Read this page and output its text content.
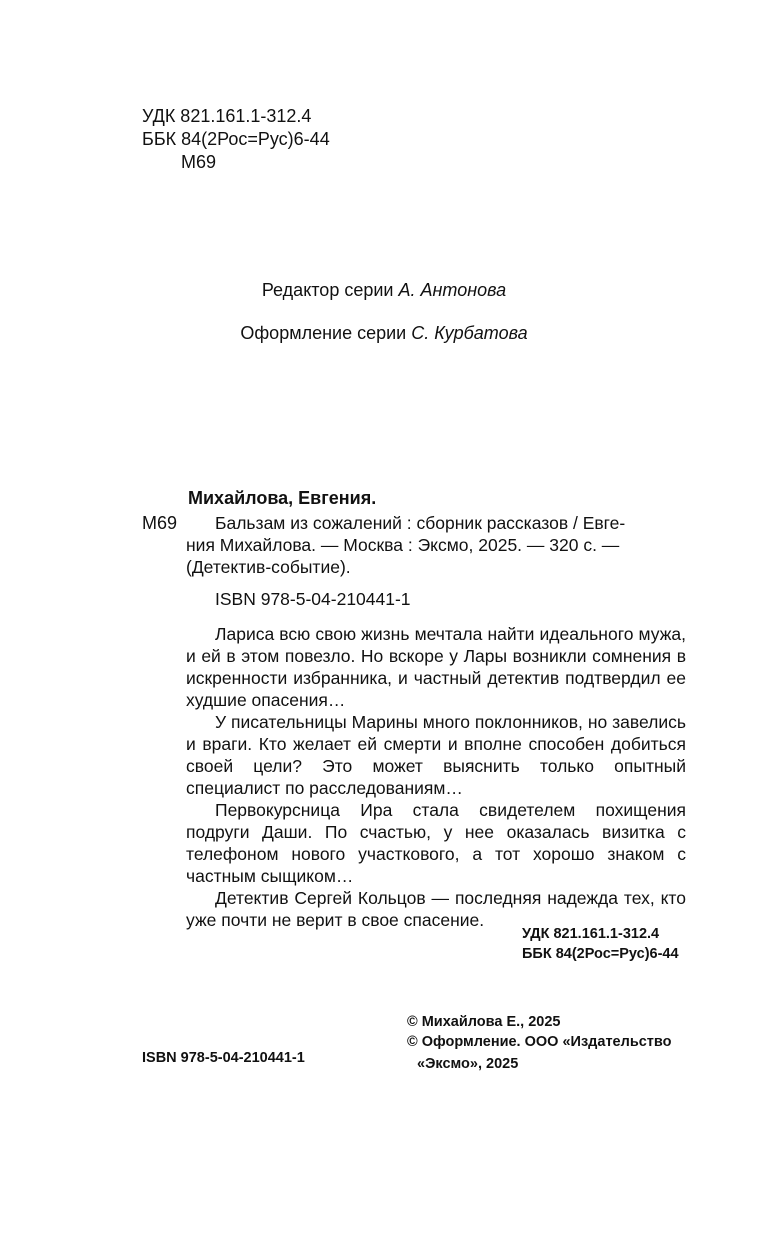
УДК 821.161.1-312.4
ББК 84(2Рос=Рус)6-44
М69
Редактор серии А. Антонова
Оформление серии С. Курбатова
Михайлова, Евгения.
М69	Бальзам из сожалений : сборник рассказов / Евге-
ния Михайлова. — Москва : Эксмо, 2025. — 320 с. —
(Детектив-событие).
ISBN 978-5-04-210441-1

Лариса всю свою жизнь мечтала найти идеального мужа, и ей в этом повезло. Но вскоре у Лары возникли сомнения в искренности избранника, и частный детектив подтвердил ее худшие опасения…

У писательницы Марины много поклонников, но завелись и враги. Кто желает ей смерти и вполне способен добиться своей цели? Это может выяснить только опытный специалист по расследованиям…

Первокурсница Ира стала свидетелем похищения подруги Даши. По счастью, у нее оказалась визитка с телефоном нового участкового, а тот хорошо знаком с частным сыщиком…

Детектив Сергей Кольцов — последняя надежда тех, кто уже почти не верит в свое спасение.

УДК 821.161.1-312.4
ББК 84(2Рос=Рус)6-44
ISBN 978-5-04-210441-1
© Михайлова Е., 2025
© Оформление. ООО «Издательство
«Эксмо», 2025
